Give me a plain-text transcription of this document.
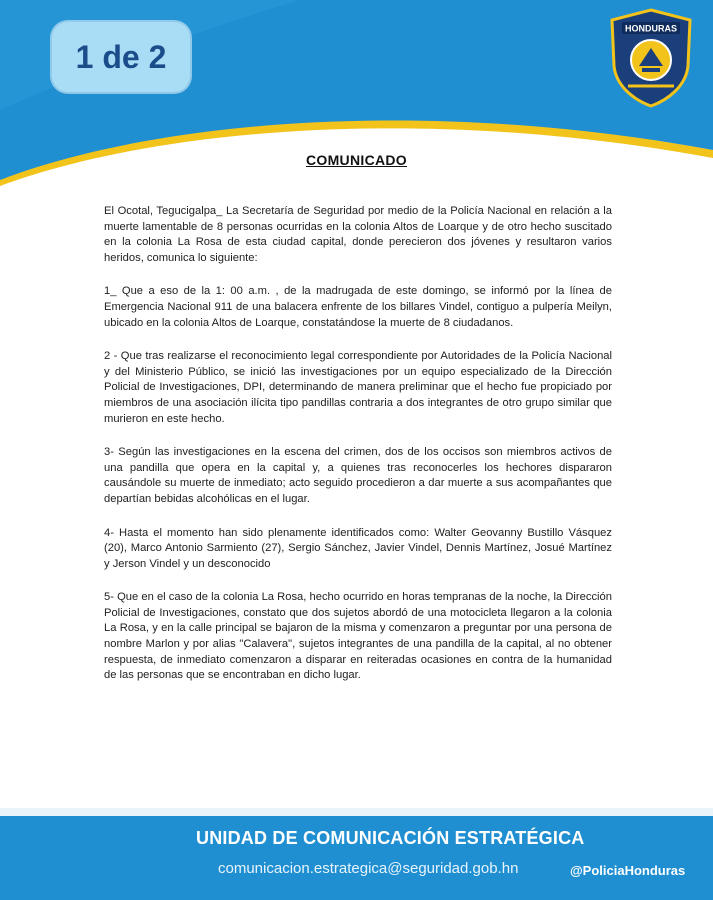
1 de 2
HONDURAS
COMUNICADO

El Ocotal, Tegucigalpa_ La Secretaría de Seguridad por medio de la Policía Nacional en relación a la muerte lamentable de 8 personas ocurridas en la colonia Altos de Loarque y de otro hecho suscitado en la colonia La Rosa de esta ciudad capital, donde perecieron dos jóvenes y resultaron varios heridos, comunica lo siguiente:

1_ Que a eso de la 1: 00 a.m. , de la madrugada de este domingo, se informó por la línea de Emergencia Nacional 911 de una balacera enfrente de los billares Vindel, contiguo a pulpería Meilyn, ubicado en la colonia Altos de Loarque, constatándose la muerte de 8 ciudadanos.

2 - Que tras realizarse el reconocimiento legal correspondiente por Autoridades de la Policía Nacional y del Ministerio Público, se inició las investigaciones por un equipo especializado de la Dirección Policial de Investigaciones, DPI, determinando de manera preliminar que el hecho fue propiciado por miembros de una asociación ilícita tipo pandillas contraria a dos integrantes de otro grupo similar que murieron en este hecho.

3- Según las investigaciones en la escena del crimen, dos de los occisos son miembros activos de una pandilla que opera en la capital y, a quienes tras reconocerles los hechores dispararon causándole su muerte de inmediato; acto seguido procedieron a dar muerte a sus acompañantes que departían bebidas alcohólicas en el lugar.

4- Hasta el momento han sido plenamente identificados como: Walter Geovanny Bustillo Vásquez (20), Marco Antonio Sarmiento (27), Sergio Sánchez, Javier Vindel, Dennis Martínez, Josué Martínez y Jerson Vindel y un desconocido

5- Que en el caso de la colonia La Rosa, hecho ocurrido en horas tempranas de la noche, la Dirección Policial de Investigaciones, constato que dos sujetos abordó de una motocicleta llegaron a la colonia La Rosa, y en la calle principal se bajaron de la misma y comenzaron a preguntar por una persona de nombre Marlon y por alias "Calavera", sujetos integrantes de una pandilla de la capital, al no obtener respuesta, de inmediato comenzaron a disparar en reiteradas ocasiones en contra de la humanidad de las personas que se encontraban en dicho lugar.

UNIDAD DE COMUNICACIÓN ESTRATÉGICA
comunicacion.estrategica@seguridad.gob.hn	@PoliciaHonduras
